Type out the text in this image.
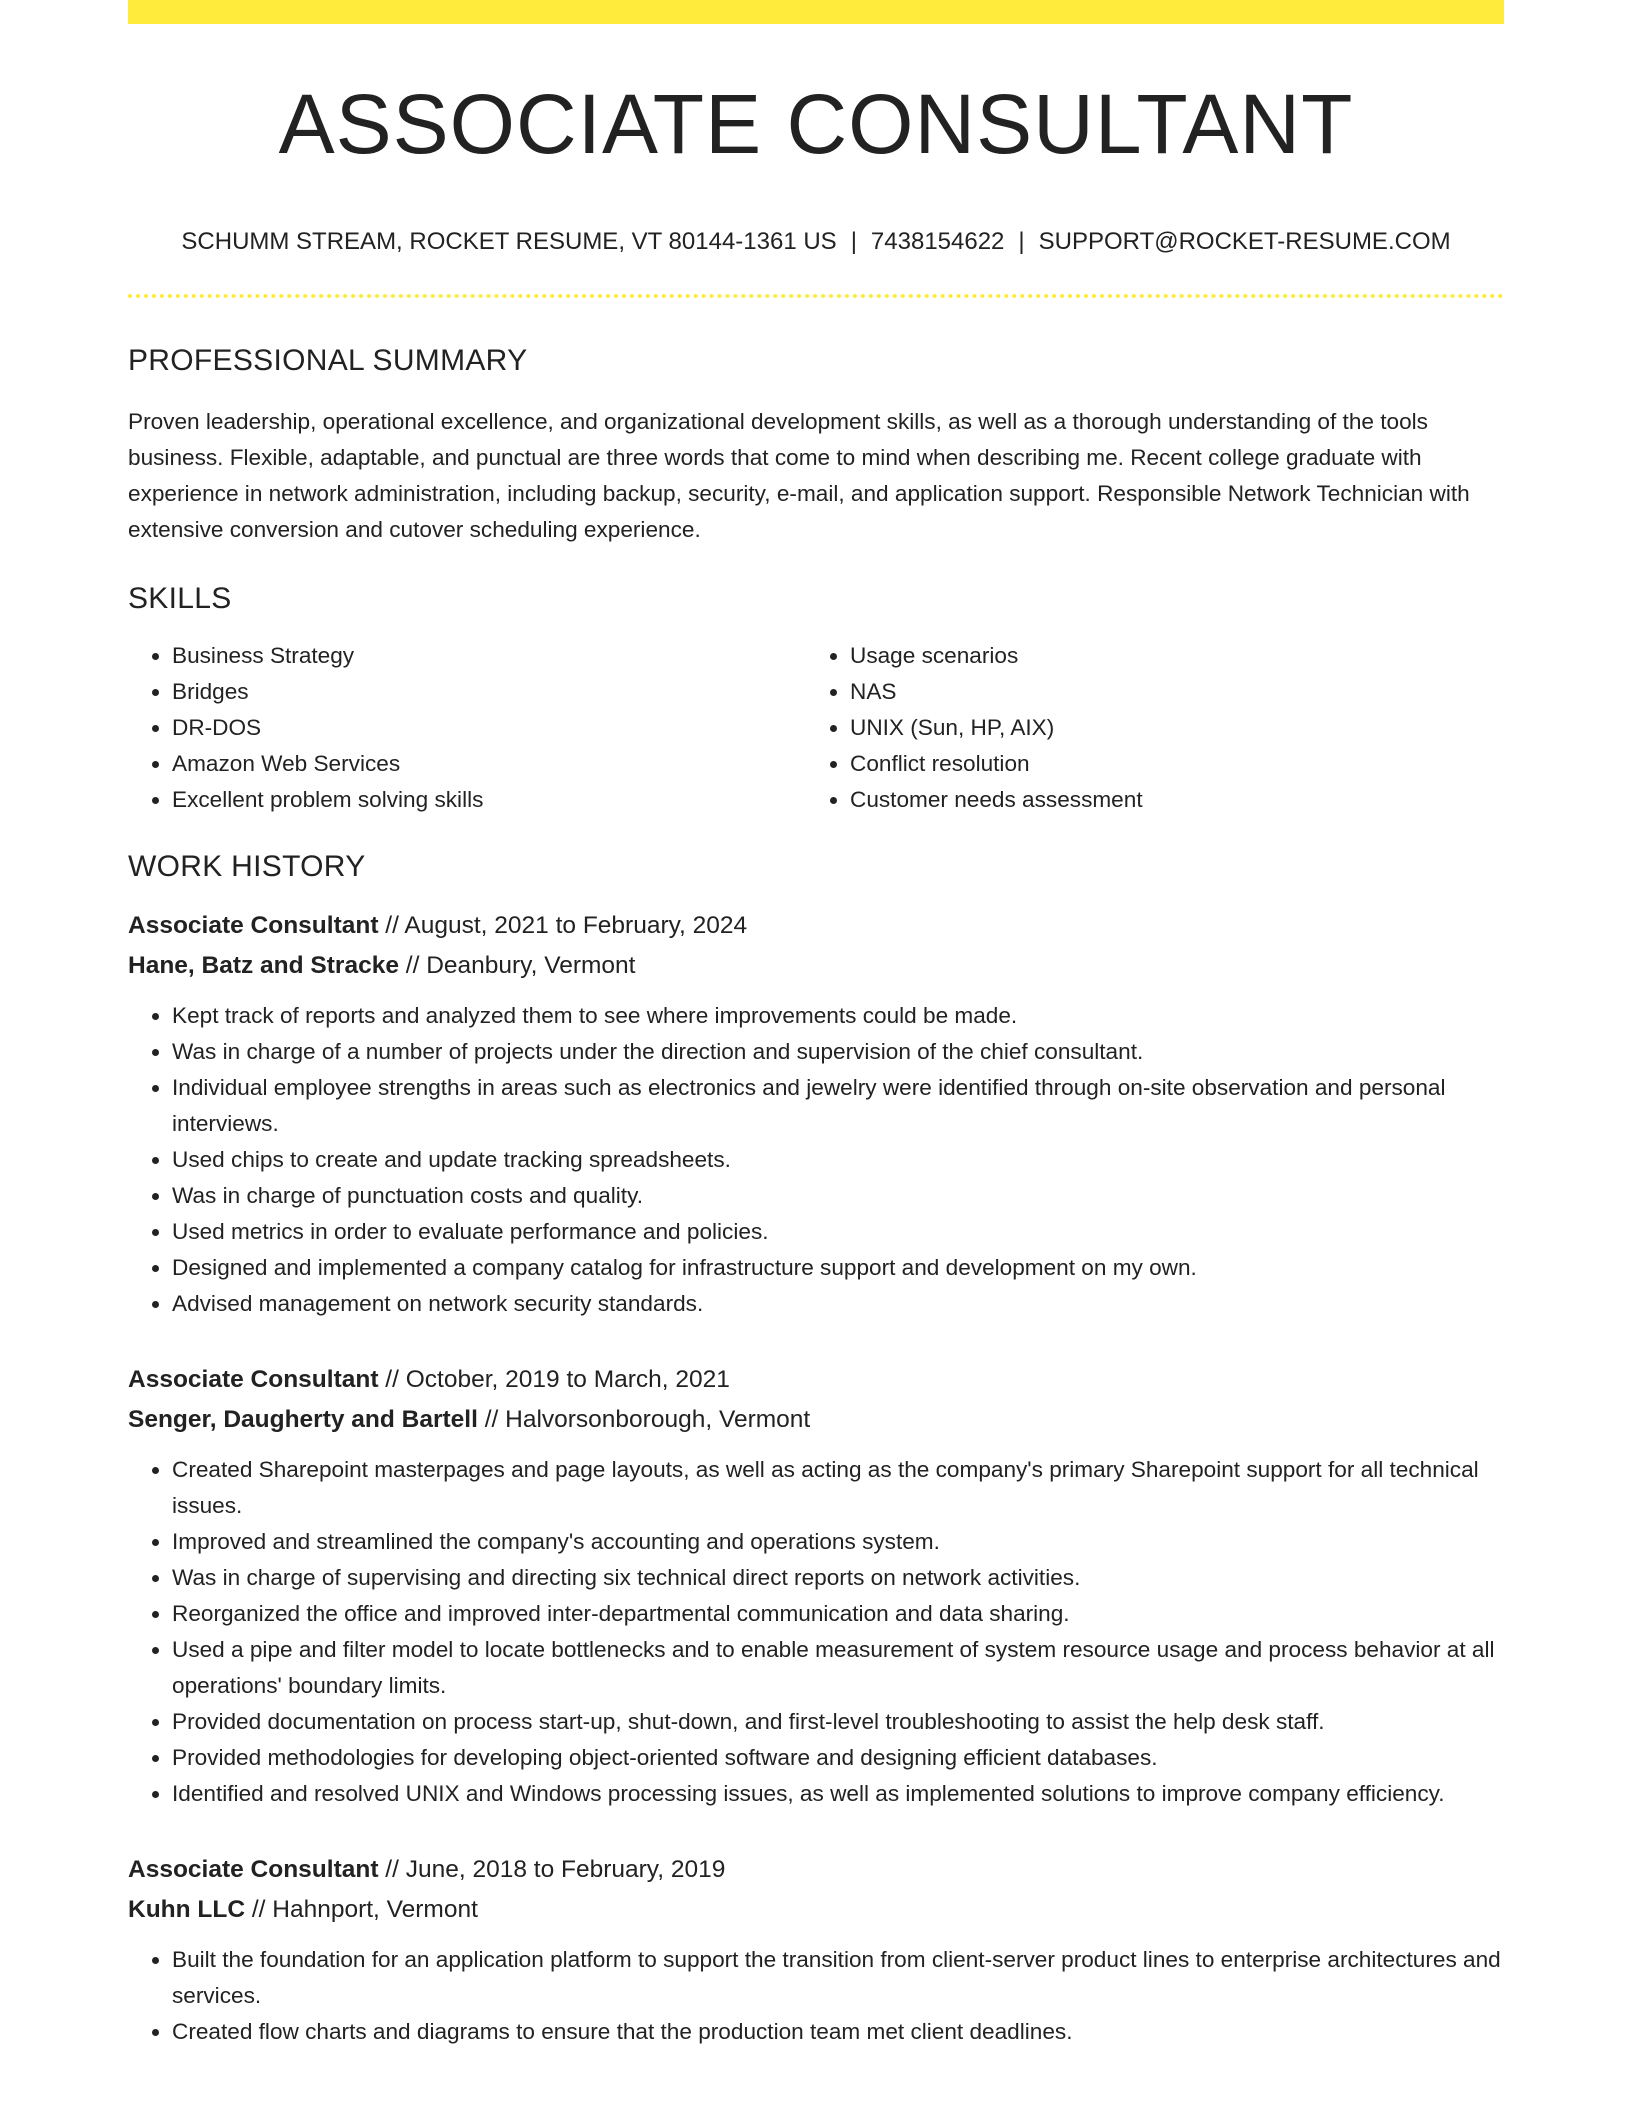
ASSOCIATE CONSULTANT
SCHUMM STREAM, ROCKET RESUME, VT 80144-1361 US | 7438154622 | SUPPORT@ROCKET-RESUME.COM
PROFESSIONAL SUMMARY

Proven leadership, operational excellence, and organizational development skills, as well as a thorough understanding of the tools business. Flexible, adaptable, and punctual are three words that come to mind when describing me. Recent college graduate with experience in network administration, including backup, security, e-mail, and application support. Responsible Network Technician with extensive conversion and cutover scheduling experience.

SKILLS
• Business Strategy
• Bridges
• DR-DOS
• Amazon Web Services
• Excellent problem solving skills
• Usage scenarios
• NAS
• UNIX (Sun, HP, AIX)
• Conflict resolution
• Customer needs assessment
WORK HISTORY
Associate Consultant // August, 2021 to February, 2024
Hane, Batz and Stracke // Deanbury, Vermont
• Kept track of reports and analyzed them to see where improvements could be made.
• Was in charge of a number of projects under the direction and supervision of the chief consultant.
• Individual employee strengths in areas such as electronics and jewelry were identified through on-site observation and personal interviews.
• Used chips to create and update tracking spreadsheets.
• Was in charge of punctuation costs and quality.
• Used metrics in order to evaluate performance and policies.
• Designed and implemented a company catalog for infrastructure support and development on my own.
• Advised management on network security standards.
Associate Consultant // October, 2019 to March, 2021
Senger, Daugherty and Bartell // Halvorsonborough, Vermont
• Created Sharepoint masterpages and page layouts, as well as acting as the company's primary Sharepoint support for all technical issues.
• Improved and streamlined the company's accounting and operations system.
• Was in charge of supervising and directing six technical direct reports on network activities.
• Reorganized the office and improved inter-departmental communication and data sharing.
• Used a pipe and filter model to locate bottlenecks and to enable measurement of system resource usage and process behavior at all operations' boundary limits.
• Provided documentation on process start-up, shut-down, and first-level troubleshooting to assist the help desk staff.
• Provided methodologies for developing object-oriented software and designing efficient databases.
• Identified and resolved UNIX and Windows processing issues, as well as implemented solutions to improve company efficiency.
Associate Consultant // June, 2018 to February, 2019
Kuhn LLC // Hahnport, Vermont
• Built the foundation for an application platform to support the transition from client-server product lines to enterprise architectures and services.
• Created flow charts and diagrams to ensure that the production team met client deadlines.
